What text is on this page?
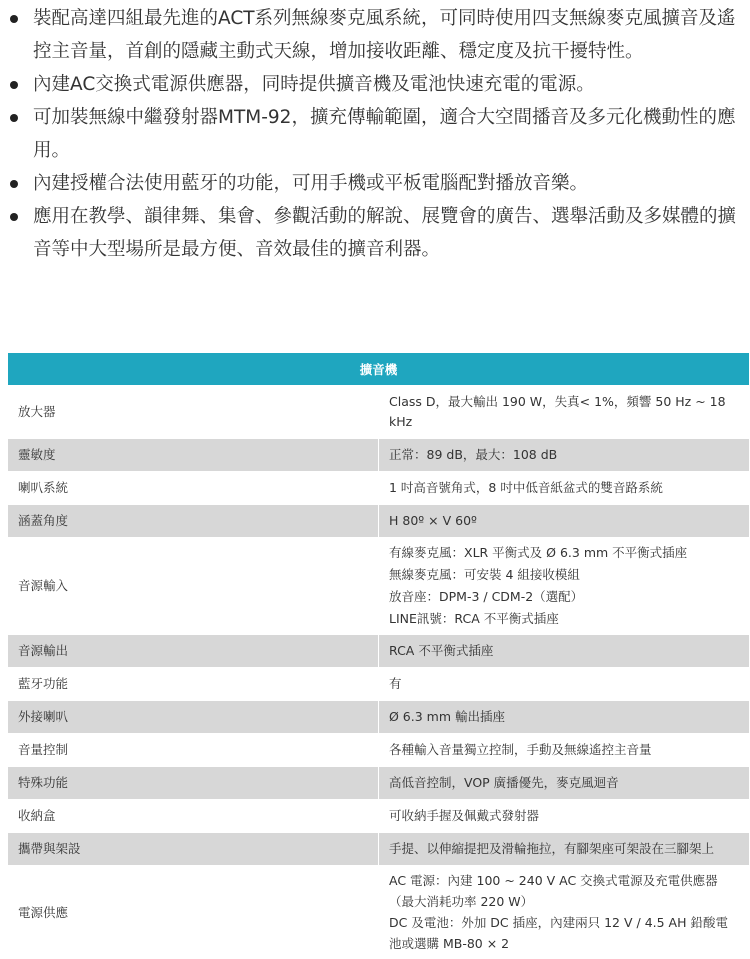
裝配高達四組最先進的ACT系列無線麥克風系統，可同時使用四支無線麥克風擴音及遙控主音量，首創的隱藏主動式天線，增加接收距離、穩定度及抗干擾特性。
內建AC交換式電源供應器，同時提供擴音機及電池快速充電的電源。
可加裝無線中繼發射器MTM-92，擴充傳輸範圍，適合大空間播音及多元化機動性的應用。
內建授權合法使用藍牙的功能，可用手機或平板電腦配對播放音樂。
應用在教學、韻律舞、集會、參觀活動的解說、展覽會的廣告、選舉活動及多媒體的擴音等中大型場所是最方便、音效最佳的擴音利器。
擴音機	
放大器	Class D，最大輸出 190 W，失真< 1%，頻響 50 Hz ~ 18 kHz

靈敏度	正常：89 dB，最大：108 dB

喇叭系統	1 吋高音號角式，8 吋中低音紙盆式的雙音路系統

涵蓋角度	H 80º × V 60º

音源輸入	有線麥克風：XLR 平衡式及 Ø 6.3 mm 不平衡式插座
無線麥克風：可安裝 4 組接收模組
放音座：DPM-3 / CDM-2（選配）
LINE訊號：RCA 不平衡式插座

音源輸出	RCA 不平衡式插座

藍牙功能	有

外接喇叭	Ø 6.3 mm 輸出插座

音量控制	各種輸入音量獨立控制，手動及無線遙控主音量

特殊功能	高低音控制，VOP 廣播優先，麥克風迴音

收納盒	可收納手握及佩戴式發射器

攜帶與架設	手提、以伸縮提把及滑輪拖拉，有腳架座可架設在三腳架上

電源供應	AC 電源：內建 100 ~ 240 V AC 交換式電源及充電供應器（最大消耗功率 220 W）
DC 及電池：外加 DC 插座，內建兩只 12 V / 4.5 AH 鉛酸電池或選購 MB-80 × 2
